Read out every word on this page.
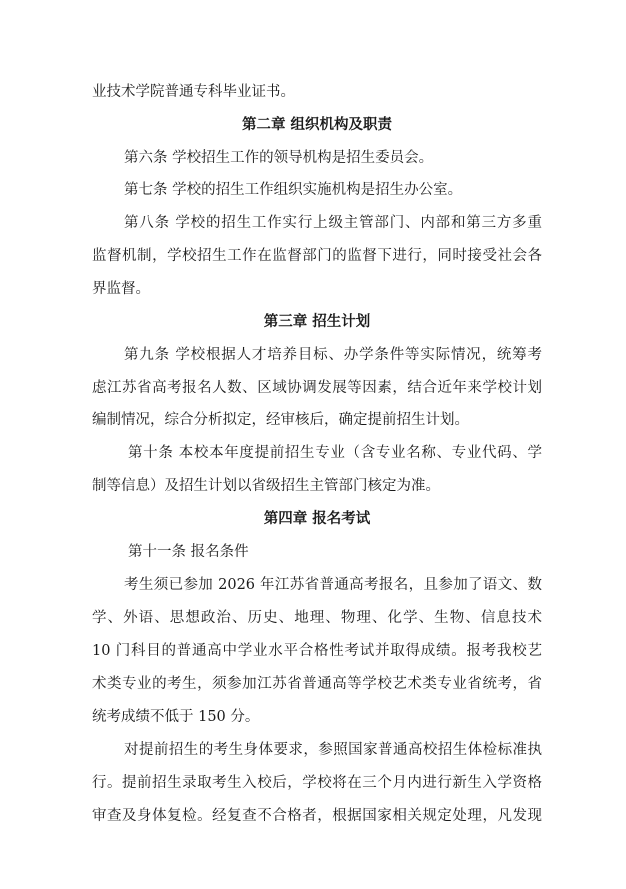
业技术学院普通专科毕业证书。
第二章 组织机构及职责
第六条 学校招生工作的领导机构是招生委员会。
第七条 学校的招生工作组织实施机构是招生办公室。
第八条 学校的招生工作实行上级主管部门、内部和第三方多重
监督机制，学校招生工作在监督部门的监督下进行，同时接受社会各
界监督。
第三章 招生计划
第九条 学校根据人才培养目标、办学条件等实际情况，统筹考
虑江苏省高考报名人数、区域协调发展等因素，结合近年来学校计划
编制情况，综合分析拟定，经审核后，确定提前招生计划。
第十条 本校本年度提前招生专业（含专业名称、专业代码、学
制等信息）及招生计划以省级招生主管部门核定为准。
第四章 报名考试
第十一条 报名条件
考生须已参加 2026 年江苏省普通高考报名，且参加了语文、数
学、外语、思想政治、历史、地理、物理、化学、生物、信息技术
10 门科目的普通高中学业水平合格性考试并取得成绩。报考我校艺
术类专业的考生，须参加江苏省普通高等学校艺术类专业省统考，省
统考成绩不低于 150 分。
对提前招生的考生身体要求，参照国家普通高校招生体检标准执
行。提前招生录取考生入校后，学校将在三个月内进行新生入学资格
审查及身体复检。经复查不合格者，根据国家相关规定处理，凡发现
